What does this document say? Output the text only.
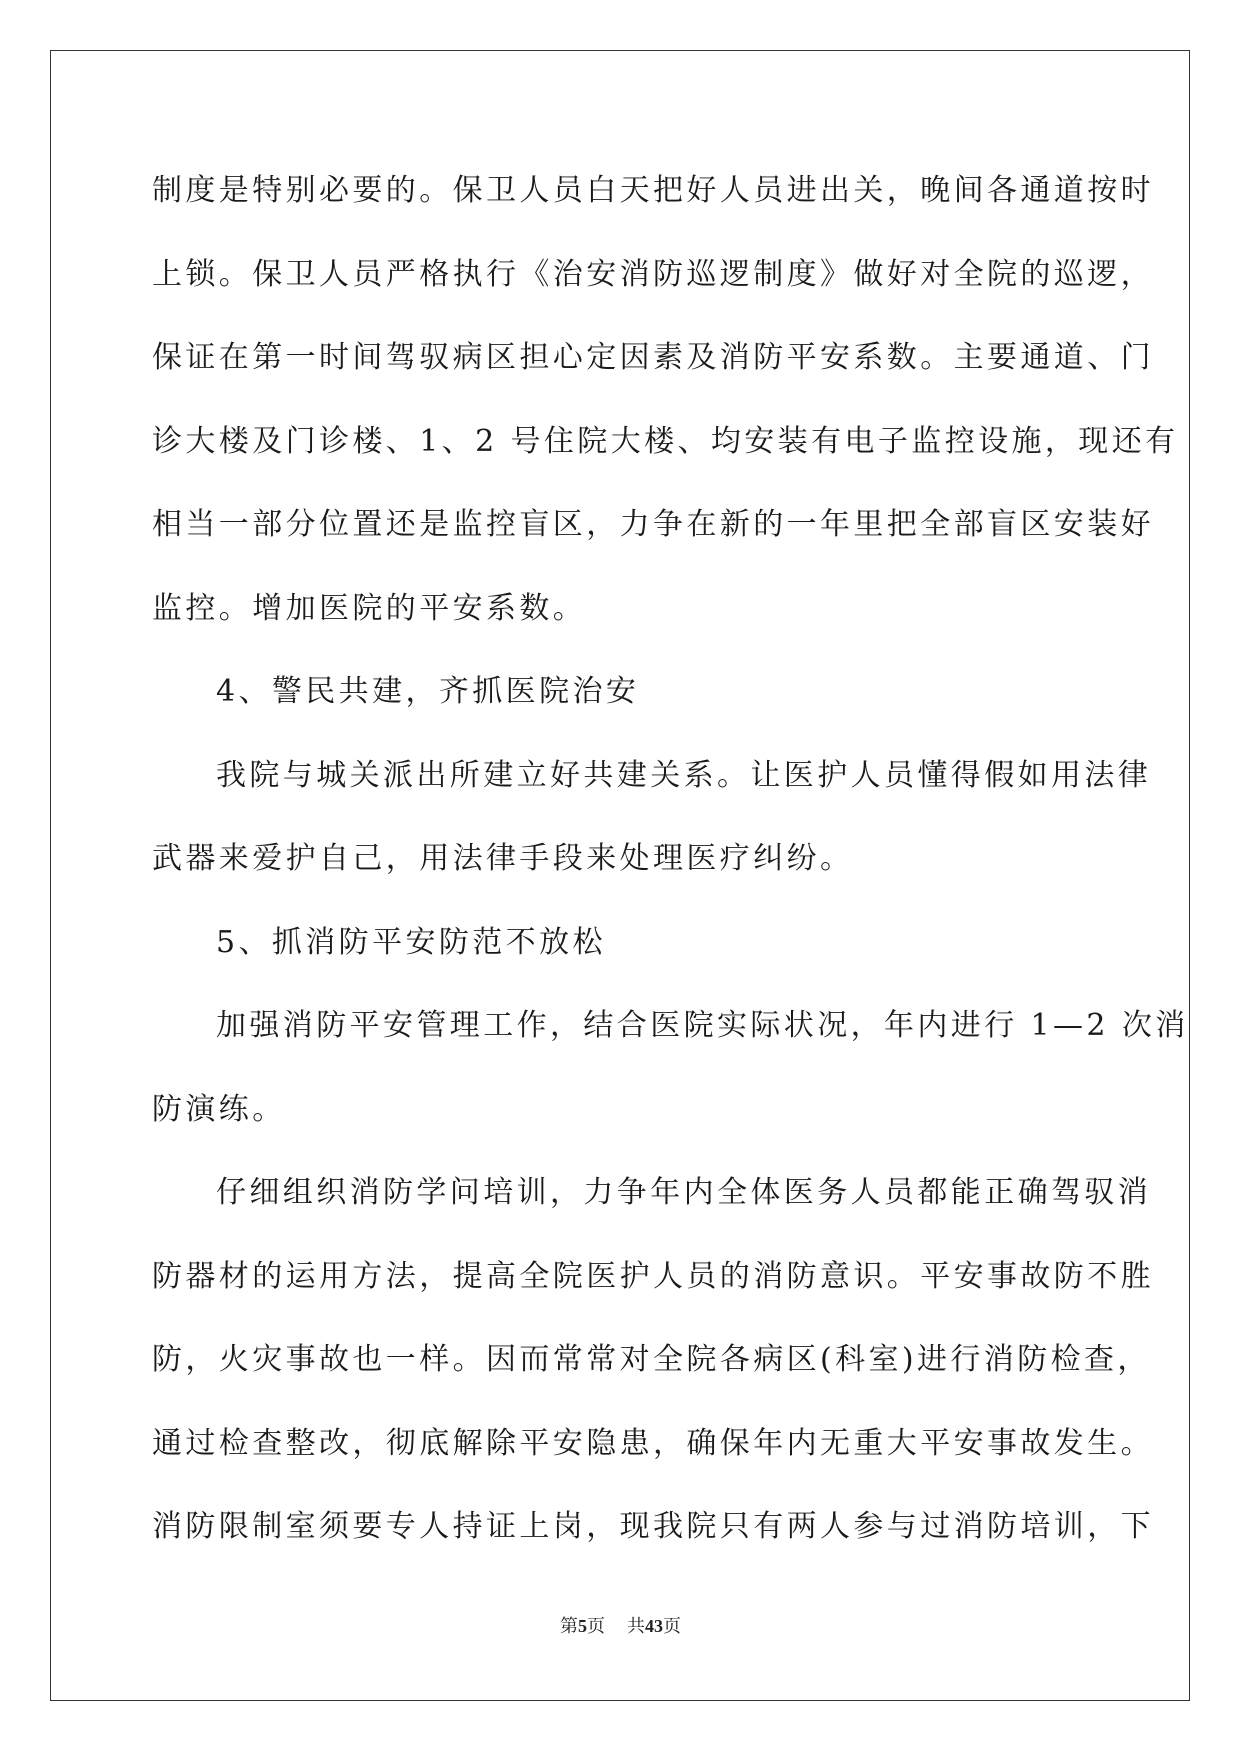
制度是特别必要的。保卫人员白天把好人员进出关，晚间各通道按时
上锁。保卫人员严格执行《治安消防巡逻制度》做好对全院的巡逻，
保证在第一时间驾驭病区担心定因素及消防平安系数。主要通道、门
诊大楼及门诊楼、1、2 号住院大楼、均安装有电子监控设施，现还有
相当一部分位置还是监控盲区，力争在新的一年里把全部盲区安装好
监控。增加医院的平安系数。
4、警民共建，齐抓医院治安
我院与城关派出所建立好共建关系。让医护人员懂得假如用法律
武器来爱护自己，用法律手段来处理医疗纠纷。
5、抓消防平安防范不放松
加强消防平安管理工作，结合医院实际状况，年内进行 1—2 次消
防演练。
仔细组织消防学问培训，力争年内全体医务人员都能正确驾驭消
防器材的运用方法，提高全院医护人员的消防意识。平安事故防不胜
防，火灾事故也一样。因而常常对全院各病区(科室)进行消防检查，
通过检查整改，彻底解除平安隐患，确保年内无重大平安事故发生。
消防限制室须要专人持证上岗，现我院只有两人参与过消防培训，下
第5页 共43页
